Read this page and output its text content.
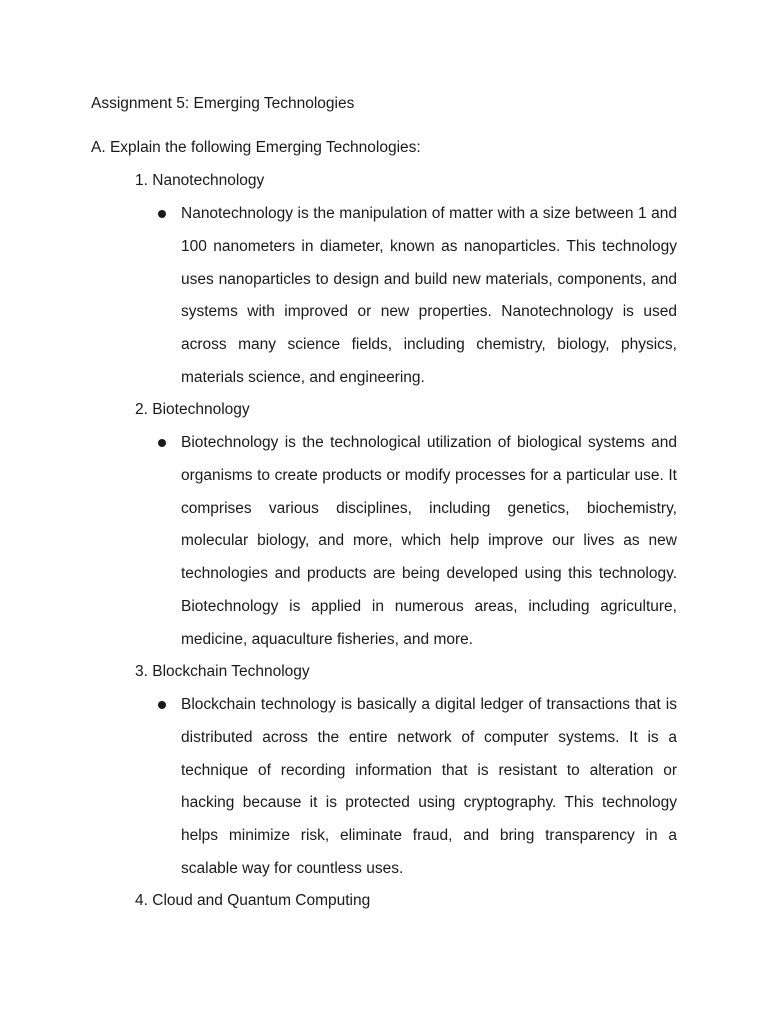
Assignment 5: Emerging Technologies
A. Explain the following Emerging Technologies:
1. Nanotechnology
Nanotechnology is the manipulation of matter with a size between 1 and 100 nanometers in diameter, known as nanoparticles. This technology uses nanoparticles to design and build new materials, components, and systems with improved or new properties. Nanotechnology is used across many science fields, including chemistry, biology, physics, materials science, and engineering.
2. Biotechnology
Biotechnology is the technological utilization of biological systems and organisms to create products or modify processes for a particular use. It comprises various disciplines, including genetics, biochemistry, molecular biology, and more, which help improve our lives as new technologies and products are being developed using this technology. Biotechnology is applied in numerous areas, including agriculture, medicine, aquaculture fisheries, and more.
3. Blockchain Technology
Blockchain technology is basically a digital ledger of transactions that is distributed across the entire network of computer systems. It is a technique of recording information that is resistant to alteration or hacking because it is protected using cryptography. This technology helps minimize risk, eliminate fraud, and bring transparency in a scalable way for countless uses.
4. Cloud and Quantum Computing
